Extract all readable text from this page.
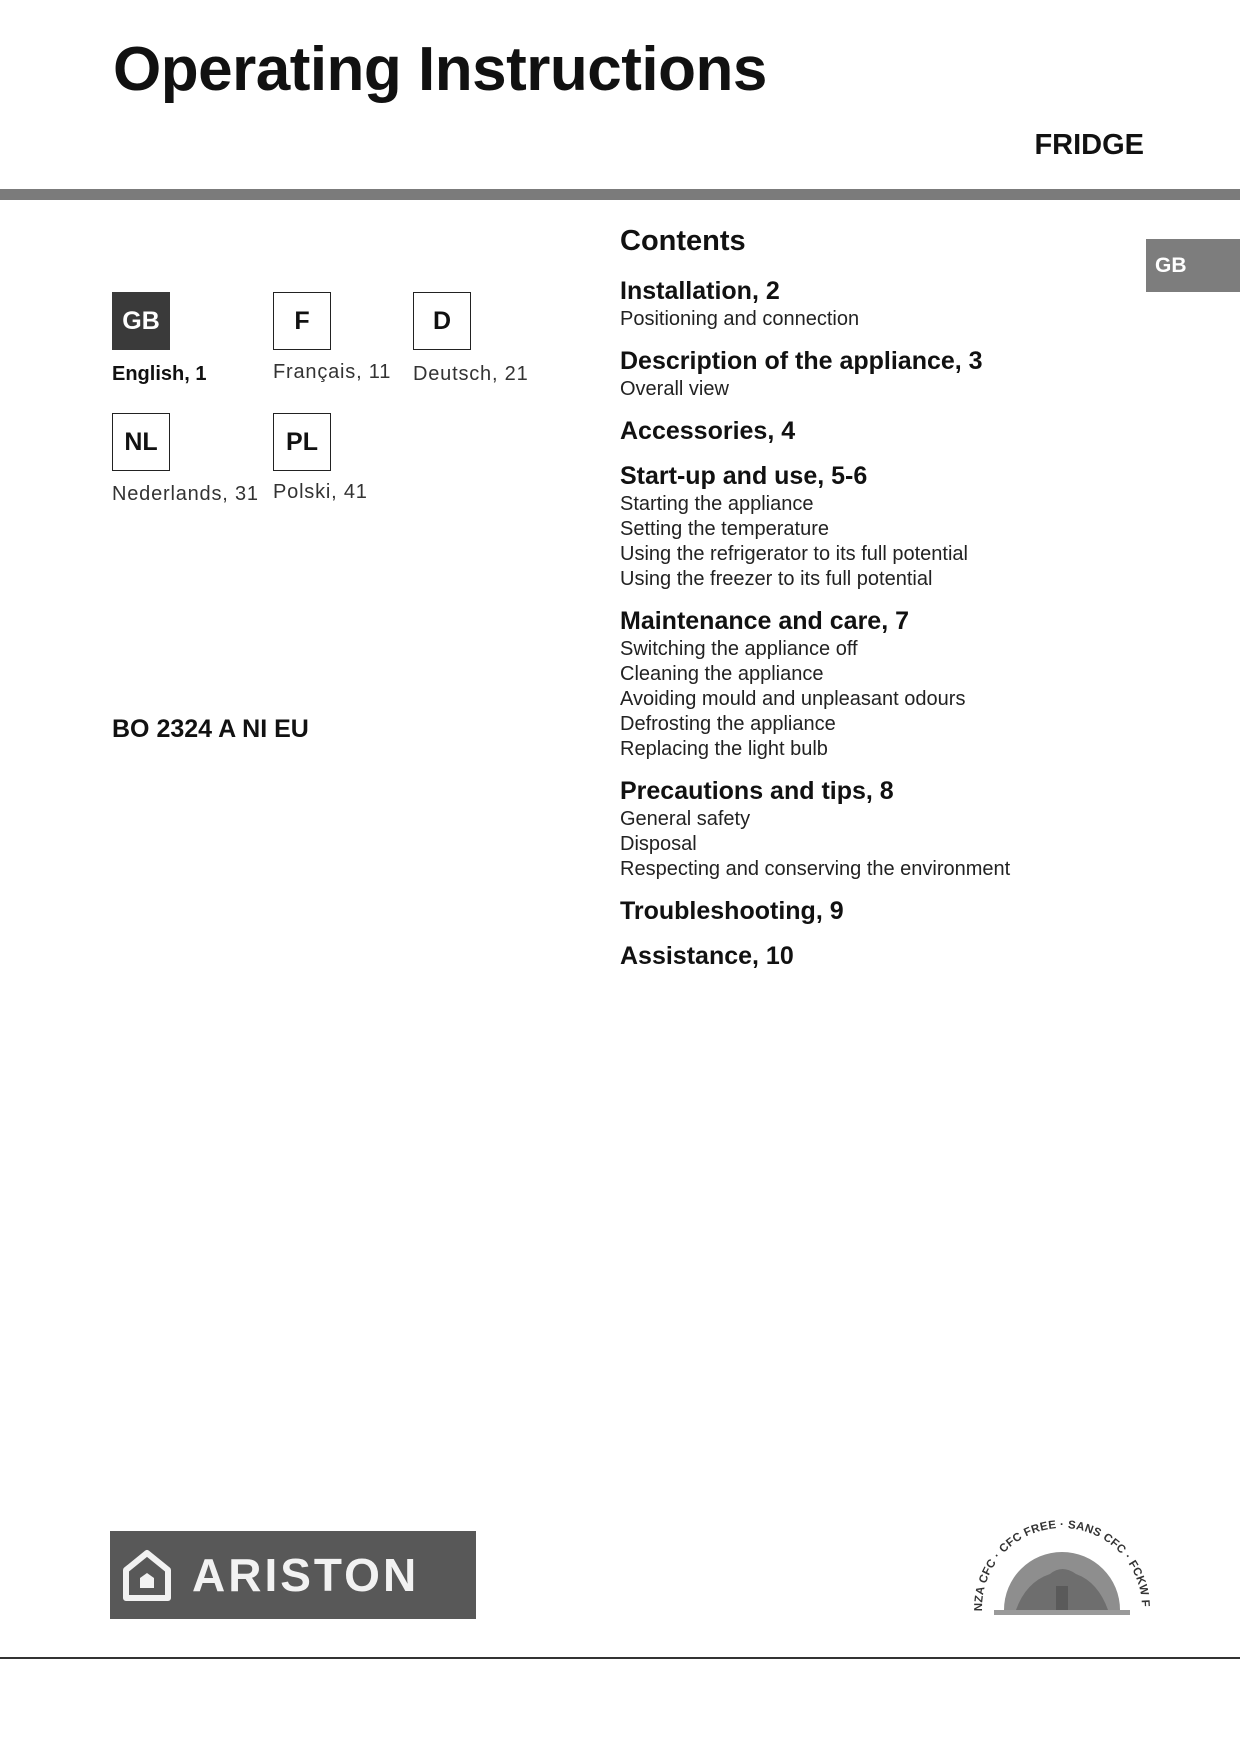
Operating Instructions
FRIDGE
GB
GB
English, 1
F
Français, 11
D
Deutsch, 21
NL
Nederlands, 31
PL
Polski, 41
BO 2324 A NI EU
Contents
Installation, 2
Positioning and connection
Description of the appliance, 3
Overall view
Accessories, 4
Start-up and use, 5-6
Starting the appliance
Setting the temperature
Using the refrigerator to its full potential
Using the freezer to its full potential
Maintenance and care, 7
Switching the appliance off
Cleaning the appliance
Avoiding mould and unpleasant odours
Defrosting the appliance
Replacing the light bulb
Precautions and tips, 8
General safety
Disposal
Respecting and conserving the environment
Troubleshooting, 9
Assistance, 10
ARISTON
NZA CFC · CFC FREE · SANS CFC · FCKW F
